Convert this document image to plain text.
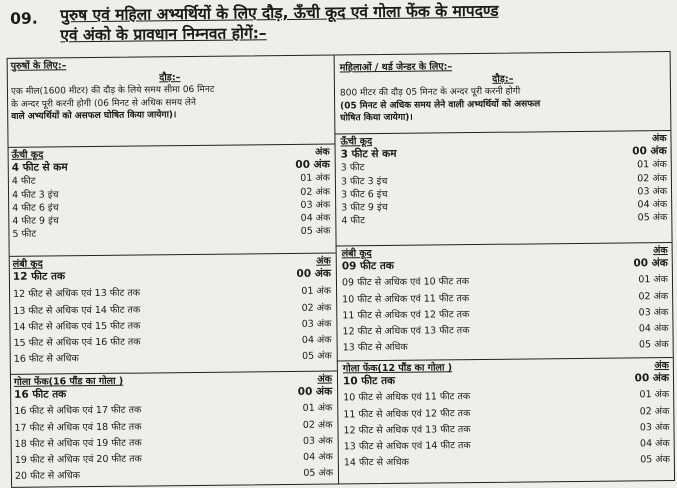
09. पुरुष एवं महिला अभ्यर्थियों के लिए दौड़, ऊँची कूद एवं गोला फेंक के मापदण्ड
एवं अंको के प्रावधान निम्नवत होगें:–
पुरुषों के लिए:–
दौड़:–
एक मील(1600 मीटर) की दौड़ के लिये समय सीमा 06 मिनट
के अन्दर पूरी करनी होगी (06 मिनट से अधिक समय लेने
वाले अभ्यर्थियों को असफल घोषित किया जायेगा)।
महिलाओं / थर्ड जेन्डर के लिए:–
दौड़:–
800 मीटर की दौड़ 05 मिनट के अन्दर पूरी करनी होगी
(05 मिनट से अधिक समय लेने वाली अभ्यर्थियों को असफल
घोषित किया जायेगा)।
ऊँची कूद	अंक
4 फीट से कम	00 अंक
4 फीट	01 अंक
4 फीट 3 इंच	02 अंक
4 फीट 6 इंच	03 अंक
4 फीट 9 इंच	04 अंक
5 फीट	05 अंक
ऊँची कूद	अंक
3 फीट से कम	00 अंक
3 फीट	01 अंक
3 फीट 3 इंच	02 अंक
3 फीट 6 इंच	03 अंक
3 फीट 9 इंच	04 अंक
4 फीट	05 अंक
लंबी कूद	अंक
12 फीट तक	00 अंक
12 फीट से अधिक एवं 13 फीट तक	01 अंक
13 फीट से अधिक एवं 14 फीट तक	02 अंक
14 फीट से अधिक एवं 15 फीट तक	03 अंक
15 फीट से अधिक एवं 16 फीट तक	04 अंक
16 फीट से अधिक	05 अंक
लंबी कूद	अंक
09 फीट तक	00 अंक
09 फीट से अधिक एवं 10 फीट तक	01 अंक
10 फीट से अधिक एवं 11 फीट तक	02 अंक
11 फीट से अधिक एवं 12 फीट तक	03 अंक
12 फीट से अधिक एवं 13 फीट तक	04 अंक
13 फीट से अधिक	05 अंक
गोला फेंक(16 पौंड का गोला )	अंक
16 फीट तक	00 अंक
16 फीट से अधिक एवं 17 फीट तक	01 अंक
17 फीट से अधिक एवं 18 फीट तक	02 अंक
18 फीट से अधिक एवं 19 फीट तक	03 अंक
19 फीट से अधिक एवं 20 फीट तक	04 अंक
20 फीट से अधिक	05 अंक
गोला फेंक(12 पौंड का गोला )	अंक
10 फीट तक	00 अंक
10 फीट से अधिक एवं 11 फीट तक	01 अंक
11 फीट से अधिक एवं 12 फीट तक	02 अंक
12 फीट से अधिक एवं 13 फीट तक	03 अंक
13 फीट से अधिक एवं 14 फीट तक	04 अंक
14 फीट से अधिक	05 अंक
